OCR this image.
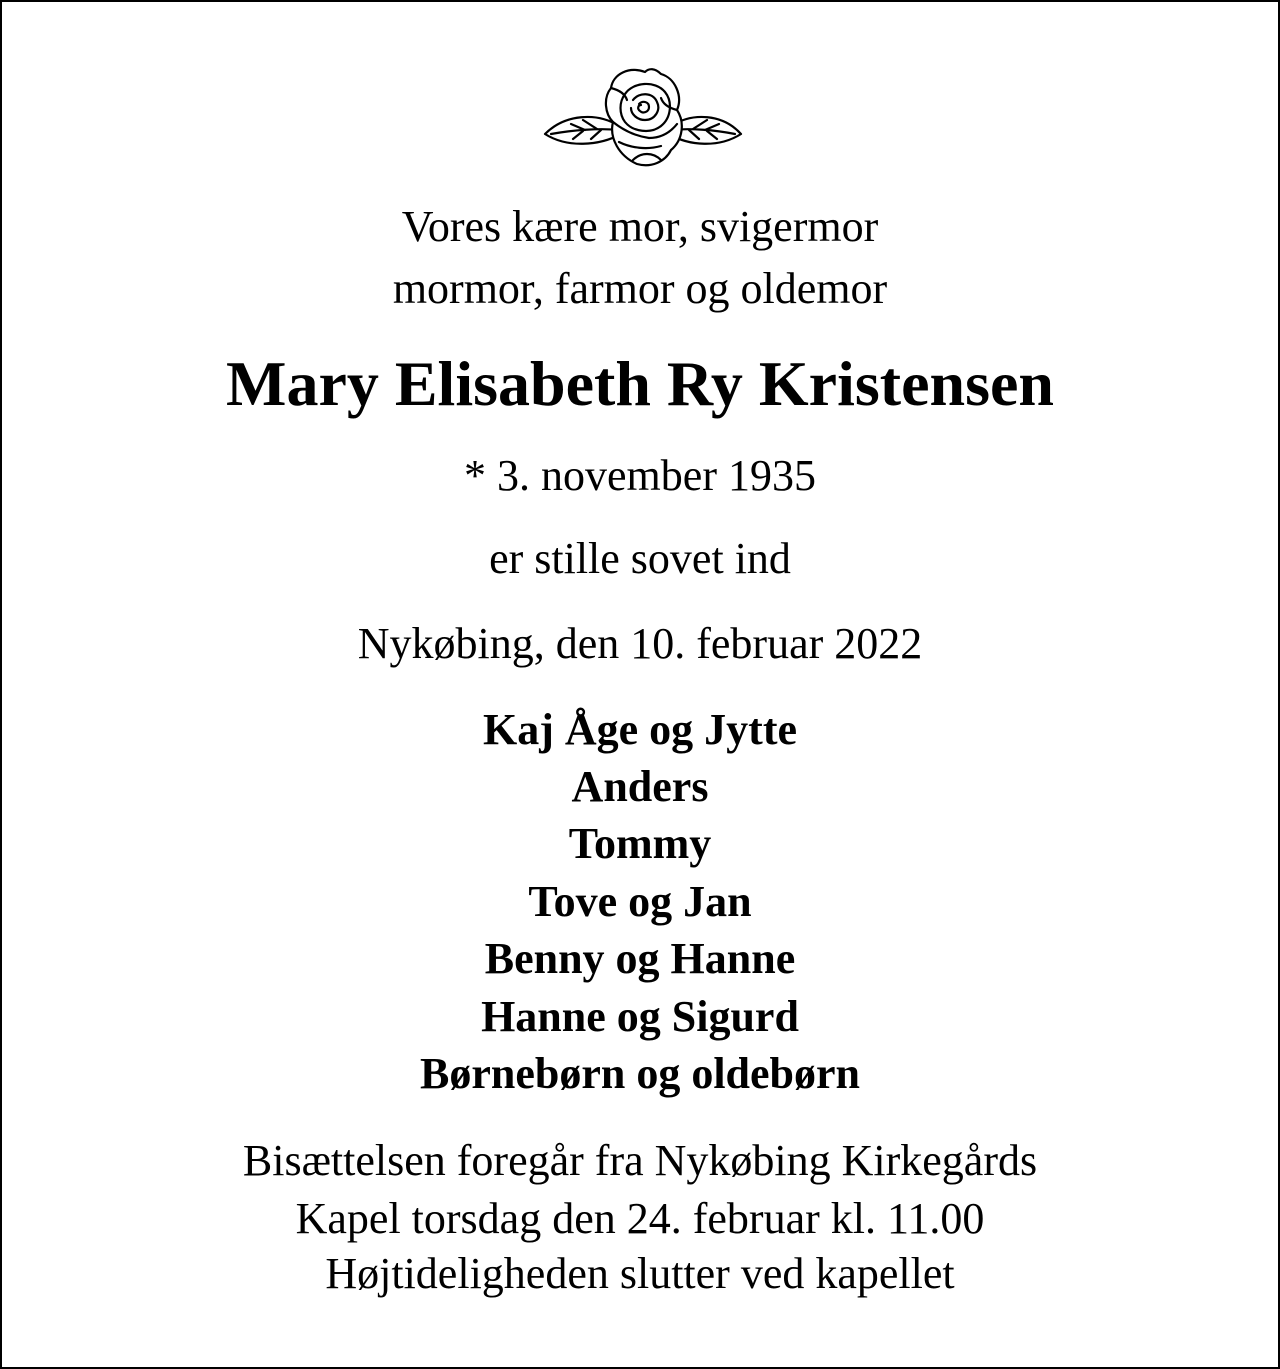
Vores kære mor, svigermor
mormor, farmor og oldemor
Mary Elisabeth Ry Kristensen
* 3. november 1935
er stille sovet ind
Nykøbing, den 10. februar 2022
Kaj Åge og Jytte
Anders
Tommy
Tove og Jan
Benny og Hanne
Hanne og Sigurd
Børnebørn og oldebørn
Bisættelsen foregår fra Nykøbing Kirkegårds
Kapel torsdag den 24. februar kl. 11.00
Højtideligheden slutter ved kapellet
